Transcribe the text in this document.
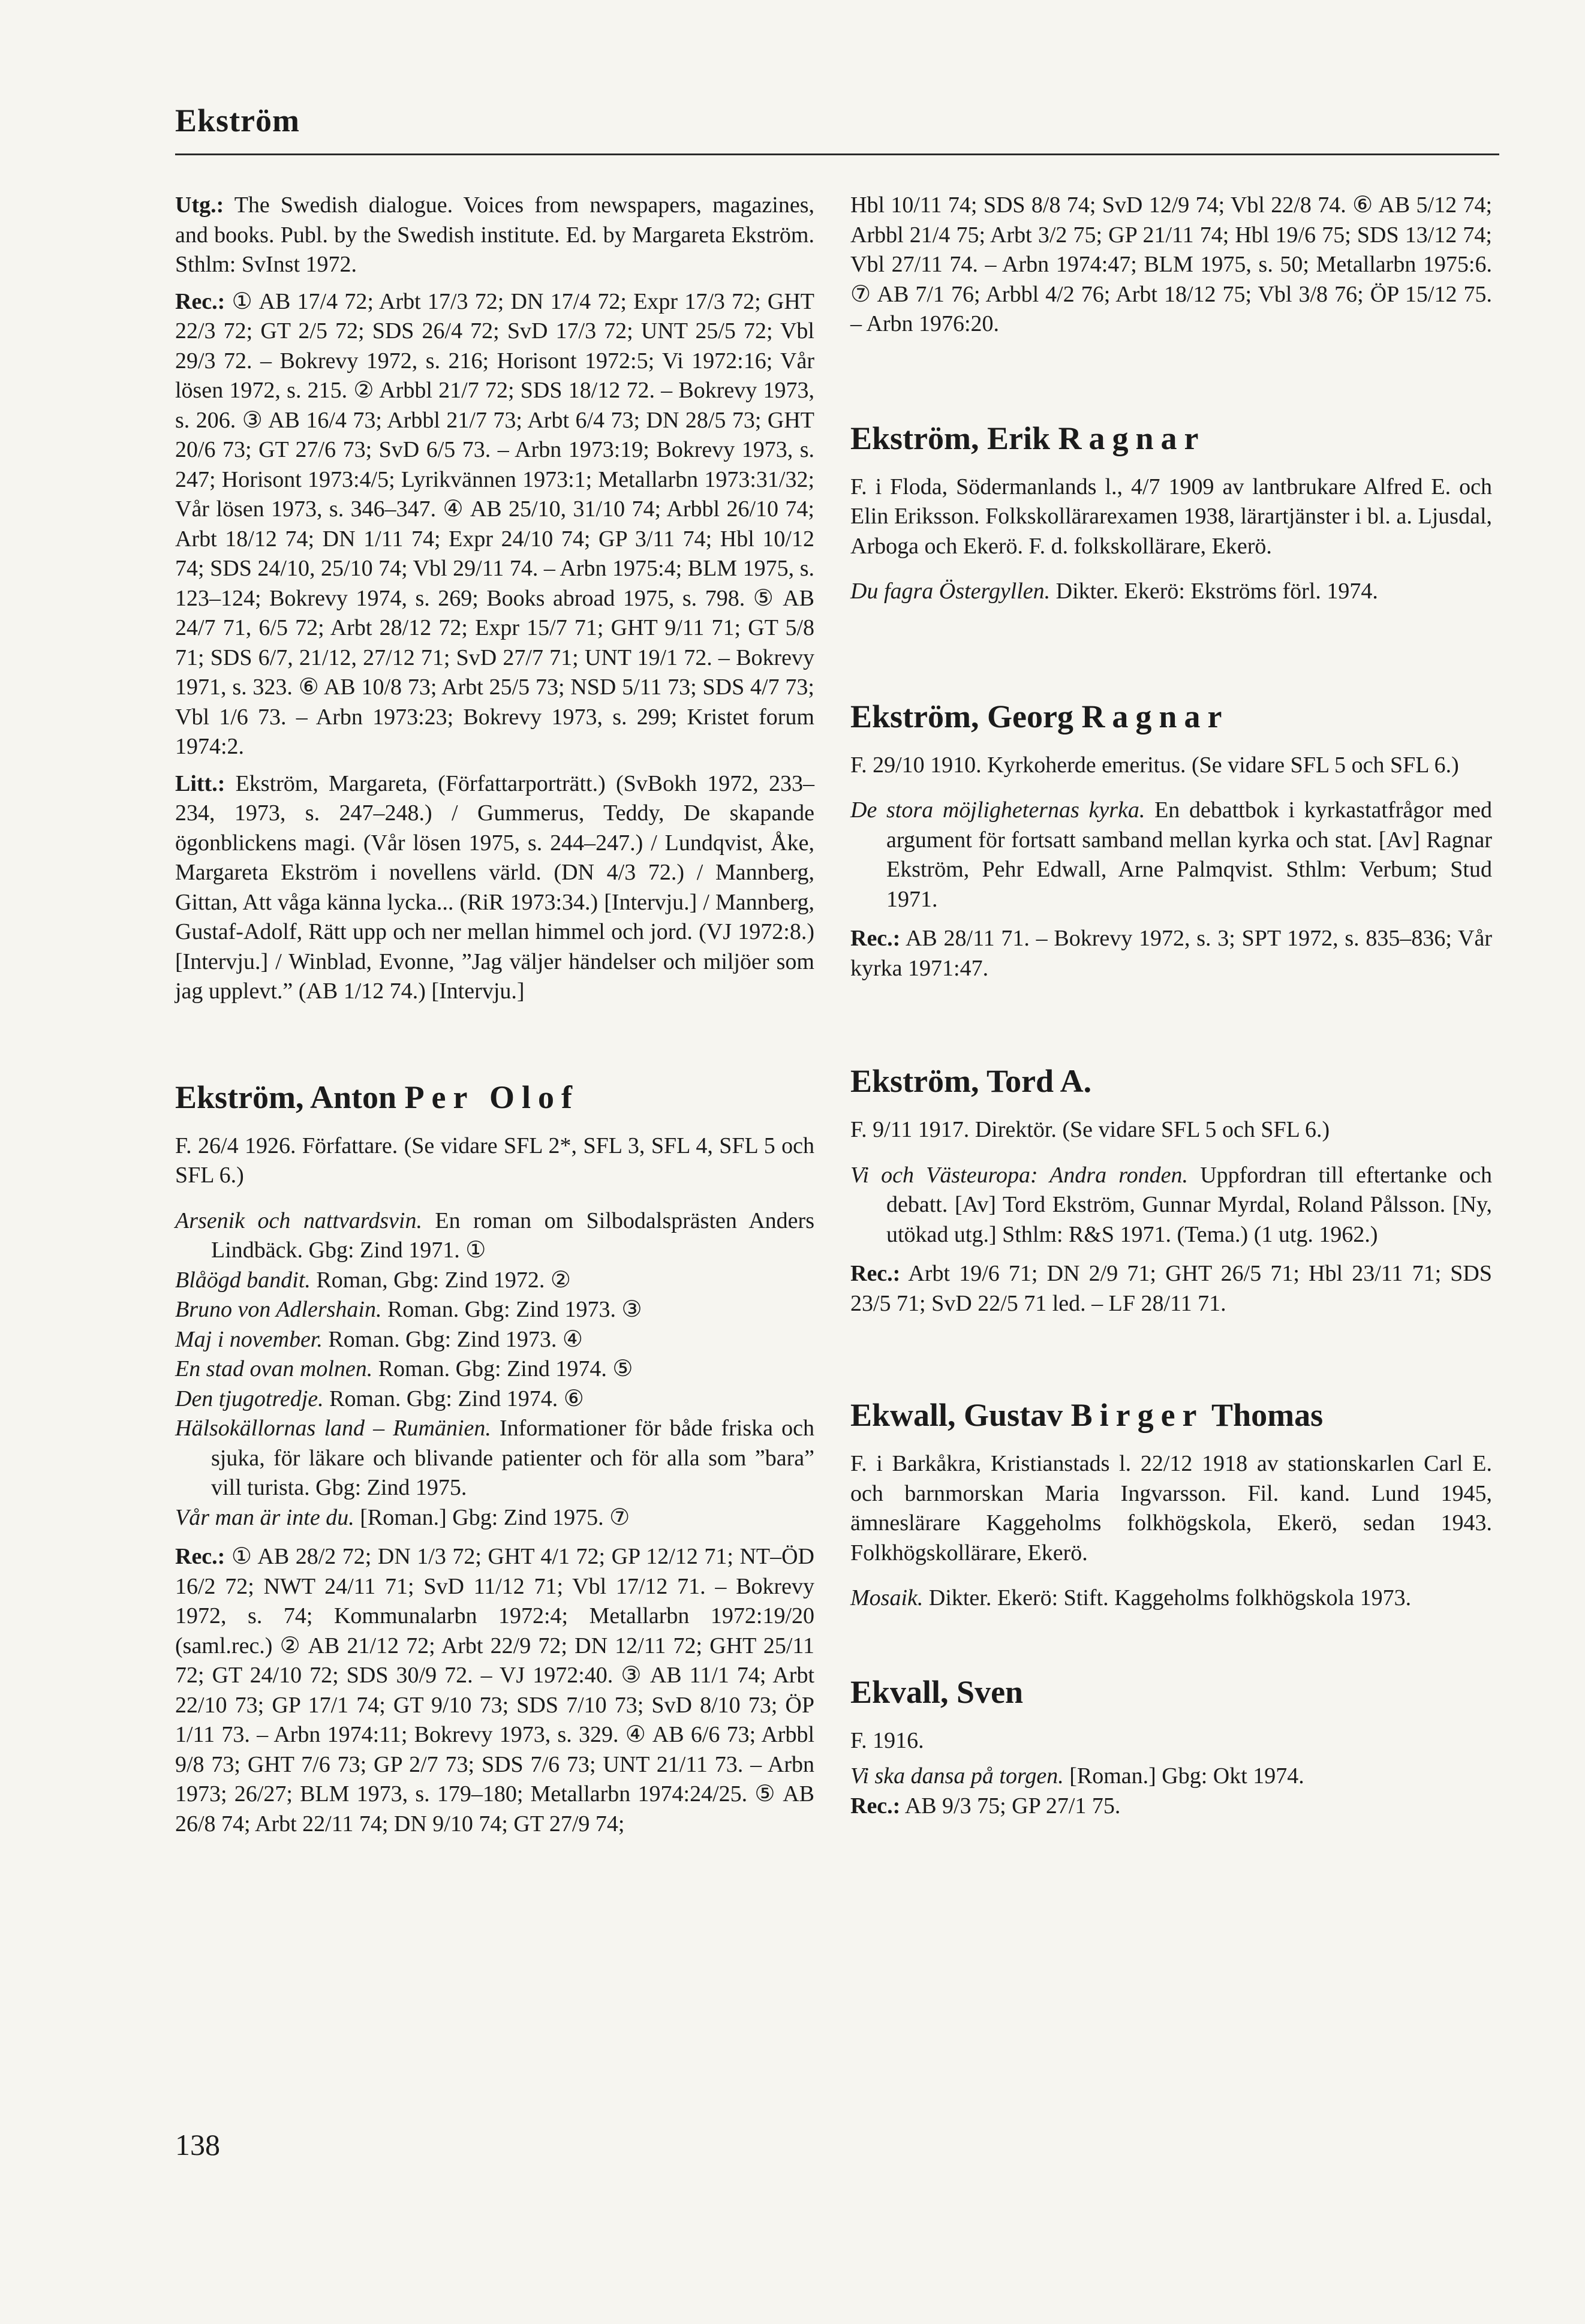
Ekström

Utg.: The Swedish dialogue. Voices from newspapers, magazines, and books. Publ. by the Swedish institute. Ed. by Margareta Ekström. Sthlm: SvInst 1972.

Rec.: ① AB 17/4 72; Arbt 17/3 72; DN 17/4 72; Expr 17/3 72; GHT 22/3 72; GT 2/5 72; SDS 26/4 72; SvD 17/3 72; UNT 25/5 72; Vbl 29/3 72. – Bokrevy 1972, s. 216; Horisont 1972:5; Vi 1972:16; Vår lösen 1972, s. 215. ② Arbbl 21/7 72; SDS 18/12 72. – Bokrevy 1973, s. 206. ③ AB 16/4 73; Arbbl 21/7 73; Arbt 6/4 73; DN 28/5 73; GHT 20/6 73; GT 27/6 73; SvD 6/5 73. – Arbn 1973:19; Bokrevy 1973, s. 247; Horisont 1973:4/5; Lyrikvännen 1973:1; Metallarbn 1973:31/32; Vår lösen 1973, s. 346–347. ④ AB 25/10, 31/10 74; Arbbl 26/10 74; Arbt 18/12 74; DN 1/11 74; Expr 24/10 74; GP 3/11 74; Hbl 10/12 74; SDS 24/10, 25/10 74; Vbl 29/11 74. – Arbn 1975:4; BLM 1975, s. 123–124; Bokrevy 1974, s. 269; Books abroad 1975, s. 798. ⑤ AB 24/7 71, 6/5 72; Arbt 28/12 72; Expr 15/7 71; GHT 9/11 71; GT 5/8 71; SDS 6/7, 21/12, 27/12 71; SvD 27/7 71; UNT 19/1 72. – Bokrevy 1971, s. 323. ⑥ AB 10/8 73; Arbt 25/5 73; NSD 5/11 73; SDS 4/7 73; Vbl 1/6 73. – Arbn 1973:23; Bokrevy 1973, s. 299; Kristet forum 1974:2.

Litt.: Ekström, Margareta, (Författarporträtt.) (SvBokh 1972, 233–234, 1973, s. 247–248.) / Gummerus, Teddy, De skapande ögonblickens magi. (Vår lösen 1975, s. 244–247.) / Lundqvist, Åke, Margareta Ekström i novellens värld. (DN 4/3 72.) / Mannberg, Gittan, Att våga känna lycka... (RiR 1973:34.) [Intervju.] / Mannberg, Gustaf-Adolf, Rätt upp och ner mellan himmel och jord. (VJ 1972:8.) [Intervju.] / Winblad, Evonne, ”Jag väljer händelser och miljöer som jag upplevt.” (AB 1/12 74.) [Intervju.]

Ekström, Anton Per Olof

F. 26/4 1926. Författare. (Se vidare SFL 2*, SFL 3, SFL 4, SFL 5 och SFL 6.)

Arsenik och nattvardsvin. En roman om Silbodalsprästen Anders Lindbäck. Gbg: Zind 1971. ①
Blåögd bandit. Roman, Gbg: Zind 1972. ②
Bruno von Adlershain. Roman. Gbg: Zind 1973. ③
Maj i november. Roman. Gbg: Zind 1973. ④
En stad ovan molnen. Roman. Gbg: Zind 1974. ⑤
Den tjugotredje. Roman. Gbg: Zind 1974. ⑥
Hälsokällornas land – Rumänien. Informationer för både friska och sjuka, för läkare och blivande patienter och för alla som ”bara” vill turista. Gbg: Zind 1975.
Vår man är inte du. [Roman.] Gbg: Zind 1975. ⑦

Rec.: ① AB 28/2 72; DN 1/3 72; GHT 4/1 72; GP 12/12 71; NT–ÖD 16/2 72; NWT 24/11 71; SvD 11/12 71; Vbl 17/12 71. – Bokrevy 1972, s. 74; Kommunalarbn 1972:4; Metallarbn 1972:19/20 (saml.rec.) ② AB 21/12 72; Arbt 22/9 72; DN 12/11 72; GHT 25/11 72; GT 24/10 72; SDS 30/9 72. – VJ 1972:40. ③ AB 11/1 74; Arbt 22/10 73; GP 17/1 74; GT 9/10 73; SDS 7/10 73; SvD 8/10 73; ÖP 1/11 73. – Arbn 1974:11; Bokrevy 1973, s. 329. ④ AB 6/6 73; Arbbl 9/8 73; GHT 7/6 73; GP 2/7 73; SDS 7/6 73; UNT 21/11 73. – Arbn 1973; 26/27; BLM 1973, s. 179–180; Metallarbn 1974:24/25. ⑤ AB 26/8 74; Arbt 22/11 74; DN 9/10 74; GT 27/9 74;

Hbl 10/11 74; SDS 8/8 74; SvD 12/9 74; Vbl 22/8 74. ⑥ AB 5/12 74; Arbbl 21/4 75; Arbt 3/2 75; GP 21/11 74; Hbl 19/6 75; SDS 13/12 74; Vbl 27/11 74. – Arbn 1974:47; BLM 1975, s. 50; Metallarbn 1975:6. ⑦ AB 7/1 76; Arbbl 4/2 76; Arbt 18/12 75; Vbl 3/8 76; ÖP 15/12 75. – Arbn 1976:20.

Ekström, Erik Ragnar

F. i Floda, Södermanlands l., 4/7 1909 av lantbrukare Alfred E. och Elin Eriksson. Folkskollärarexamen 1938, lärartjänster i bl. a. Ljusdal, Arboga och Ekerö. F. d. folkskollärare, Ekerö.

Du fagra Östergyllen. Dikter. Ekerö: Ekströms förl. 1974.
Ekström, Georg Ragnar

F. 29/10 1910. Kyrkoherde emeritus. (Se vidare SFL 5 och SFL 6.)

De stora möjligheternas kyrka. En debattbok i kyrkastatfrågor med argument för fortsatt samband mellan kyrka och stat. [Av] Ragnar Ekström, Pehr Edwall, Arne Palmqvist. Sthlm: Verbum; Stud 1971.

Rec.: AB 28/11 71. – Bokrevy 1972, s. 3; SPT 1972, s. 835–836; Vår kyrka 1971:47.

Ekström, Tord A.

F. 9/11 1917. Direktör. (Se vidare SFL 5 och SFL 6.)

Vi och Västeuropa: Andra ronden. Uppfordran till eftertanke och debatt. [Av] Tord Ekström, Gunnar Myrdal, Roland Pålsson. [Ny, utökad utg.] Sthlm: R&S 1971. (Tema.) (1 utg. 1962.)

Rec.: Arbt 19/6 71; DN 2/9 71; GHT 26/5 71; Hbl 23/11 71; SDS 23/5 71; SvD 22/5 71 led. – LF 28/11 71.

Ekwall, Gustav Birger Thomas

F. i Barkåkra, Kristianstads l. 22/12 1918 av stationskarlen Carl E. och barnmorskan Maria Ingvarsson. Fil. kand. Lund 1945, ämneslärare Kaggeholms folkhögskola, Ekerö, sedan 1943. Folkhögskollärare, Ekerö.

Mosaik. Dikter. Ekerö: Stift. Kaggeholms folkhögskola 1973.
Ekvall, Sven

F. 1916.

Vi ska dansa på torgen. [Roman.] Gbg: Okt 1974.

Rec.: AB 9/3 75; GP 27/1 75.

138
